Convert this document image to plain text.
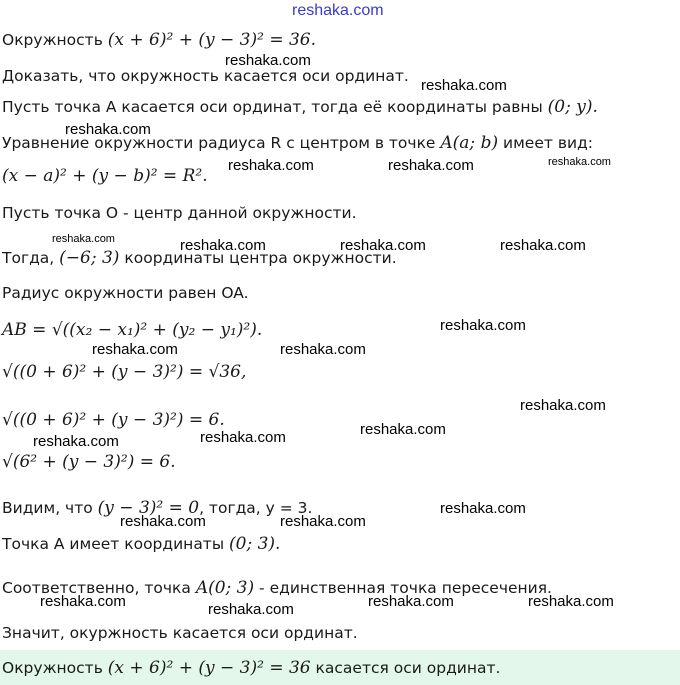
reshaka.com
Окружность (x + 6)² + (y − 3)² = 36.
Доказать, что окружность касается оси ординат.
Пусть точка A касается оси ординат, тогда её координаты равны (0; y).
Уравнение окружности радиуса R с центром в точке A(a; b) имеет вид:
(x − a)² + (y − b)² = R².
Пусть точка O - центр данной окружности.
Тогда, (−6; 3) координаты центра окружности.
Радиус окружности равен OA.
AB = √((x₂ − x₁)² + (y₂ − y₁)²).
√((0 + 6)² + (y − 3)²) = √36,
√((0 + 6)² + (y − 3)²) = 6.
√(6² + (y − 3)²) = 6.
Видим, что (y − 3)² = 0, тогда, y = 3.
Точка A имеет координаты (0; 3).
Соответственно, точка A(0; 3) - единственная точка пересечения.
Значит, окуржность касается оси ординат.
Окружность (x + 6)² + (y − 3)² = 36 касается оси ординат.
reshaka.com
reshaka.com
reshaka.com
reshaka.com	reshaka.com	reshaka.com
reshaka.com	reshaka.com	reshaka.com	reshaka.com
reshaka.com
reshaka.com	reshaka.com
reshaka.com
reshaka.com
reshaka.com
reshaka.com
reshaka.com
reshaka.com	reshaka.com
reshaka.com	reshaka.com	reshaka.com
reshaka.com
